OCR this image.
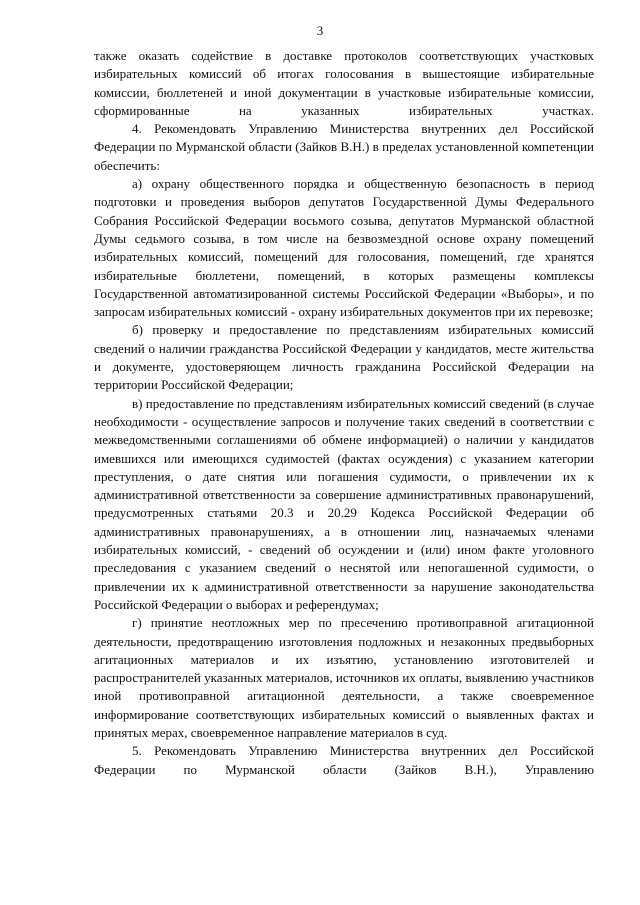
3

также оказать содействие в доставке протоколов соответствующих участковых избирательных комиссий об итогах голосования в вышестоящие избирательные комиссии, бюллетеней и иной документации в участковые избирательные комиссии, сформированные на указанных избирательных участках.

4. Рекомендовать Управлению Министерства внутренних дел Российской Федерации по Мурманской области (Зайков В.Н.) в пределах установленной компетенции обеспечить:

а) охрану общественного порядка и общественную безопасность в период подготовки и проведения выборов депутатов Государственной Думы Федерального Собрания Российской Федерации восьмого созыва, депутатов Мурманской областной Думы седьмого созыва, в том числе на безвозмездной основе охрану помещений избирательных комиссий, помещений для голосования, помещений, где хранятся избирательные бюллетени, помещений, в которых размещены комплексы Государственной автоматизированной системы Российской Федерации «Выборы», и по запросам избирательных комиссий - охрану избирательных документов при их перевозке;

б) проверку и предоставление по представлениям избирательных комиссий сведений о наличии гражданства Российской Федерации у кандидатов, месте жительства и документе, удостоверяющем личность гражданина Российской Федерации на территории Российской Федерации;

в) предоставление по представлениям избирательных комиссий сведений (в случае необходимости - осуществление запросов и получение таких сведений в соответствии с межведомственными соглашениями об обмене информацией) о наличии у кандидатов имевшихся или имеющихся судимостей (фактах осуждения) с указанием категории преступления, о дате снятия или погашения судимости, о привлечении их к административной ответственности за совершение административных правонарушений, предусмотренных статьями 20.3 и 20.29 Кодекса Российской Федерации об административных правонарушениях, а в отношении лиц, назначаемых членами избирательных комиссий, - сведений об осуждении и (или) ином факте уголовного преследования с указанием сведений о неснятой или непогашенной судимости, о привлечении их к административной ответственности за нарушение законодательства Российской Федерации о выборах и референдумах;

г) принятие неотложных мер по пресечению противоправной агитационной деятельности, предотвращению изготовления подложных и незаконных предвыборных агитационных материалов и их изъятию, установлению изготовителей и распространителей указанных материалов, источников их оплаты, выявлению участников иной противоправной агитационной деятельности, а также своевременное информирование соответствующих избирательных комиссий о выявленных фактах и принятых мерах, своевременное направление материалов в суд.

5. Рекомендовать Управлению Министерства внутренних дел Российской Федерации по Мурманской области (Зайков В.Н.), Управлению
